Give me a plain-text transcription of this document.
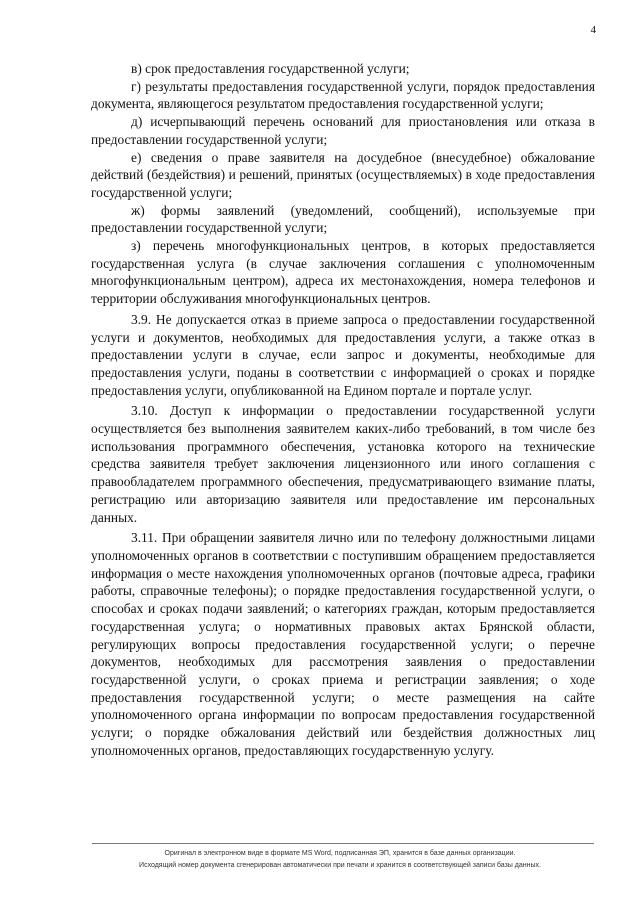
4

в) срок предоставления государственной услуги;

г) результаты предоставления государственной услуги, порядок предоставления документа, являющегося результатом предоставления государственной услуги;

д) исчерпывающий перечень оснований для приостановления или отказа в предоставлении государственной услуги;

е) сведения о праве заявителя на досудебное (внесудебное) обжалование действий (бездействия) и решений, принятых (осуществляемых) в ходе предоставления государственной услуги;

ж) формы заявлений (уведомлений, сообщений), используемые при предоставлении государственной услуги;

з) перечень многофункциональных центров, в которых предоставляется государственная услуга (в случае заключения соглашения с уполномоченным многофункциональным центром), адреса их местонахождения, номера телефонов и территории обслуживания многофункциональных центров.

3.9. Не допускается отказ в приеме запроса о предоставлении государственной услуги и документов, необходимых для предоставления услуги, а также отказ в предоставлении услуги в случае, если запрос и документы, необходимые для предоставления услуги, поданы в соответствии с информацией о сроках и порядке предоставления услуги, опубликованной на Едином портале и портале услуг.

3.10. Доступ к информации о предоставлении государственной услуги осуществляется без выполнения заявителем каких-либо требований, в том числе без использования программного обеспечения, установка которого на технические средства заявителя требует заключения лицензионного или иного соглашения с правообладателем программного обеспечения, предусматривающего взимание платы, регистрацию или авторизацию заявителя или предоставление им персональных данных.

3.11. При обращении заявителя лично или по телефону должностными лицами уполномоченных органов в соответствии с поступившим обращением предоставляется информация о месте нахождения уполномоченных органов (почтовые адреса, графики работы, справочные телефоны); о порядке предоставления государственной услуги, о способах и сроках подачи заявлений; о категориях граждан, которым предоставляется государственная услуга; о нормативных правовых актах Брянской области, регулирующих вопросы предоставления государственной услуги; о перечне документов, необходимых для рассмотрения заявления о предоставлении государственной услуги, о сроках приема и регистрации заявления; о ходе предоставления государственной услуги; о месте размещения на сайте уполномоченного органа информации по вопросам предоставления государственной услуги; о порядке обжалования действий или бездействия должностных лиц уполномоченных органов, предоставляющих государственную услугу.

Оригинал в электронном виде в формате MS Word, подписанная ЭП, хранится в базе данных организации.
Исходящий номер документа сгенерирован автоматически при печати и хранится в соответствующей записи базы данных.
